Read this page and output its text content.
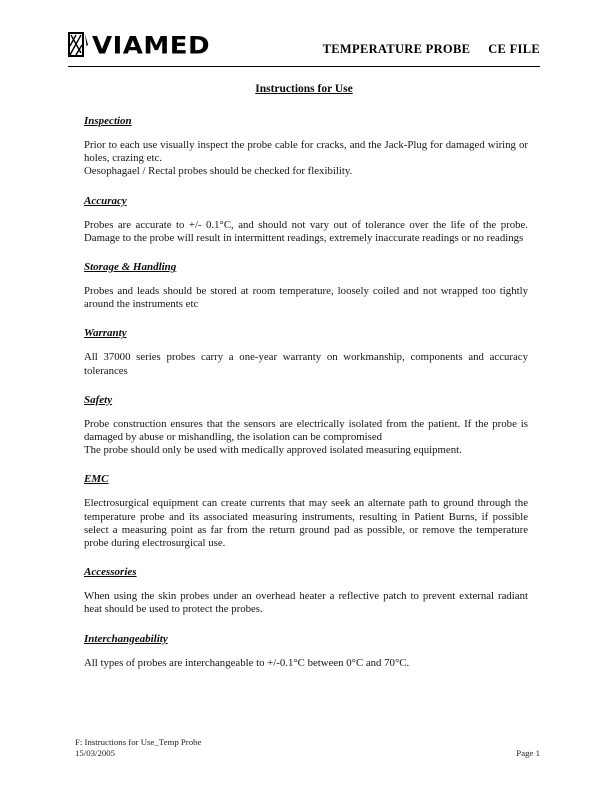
VIAMED	TEMPERATURE PROBE CE FILE
Instructions for Use
Inspection

Prior to each use visually inspect the probe cable for cracks, and the Jack-Plug for damaged wiring or holes, crazing etc.

Oesophagael / Rectal probes should be checked for flexibility.

Accuracy

Probes are accurate to +/- 0.1°C, and should not vary out of tolerance over the life of the probe. Damage to the probe will result in intermittent readings, extremely inaccurate readings or no readings

Storage & Handling

Probes and leads should be stored at room temperature, loosely coiled and not wrapped too tightly around the instruments etc

Warranty

All 37000 series probes carry a one-year warranty on workmanship, components and accuracy tolerances

Safety

Probe construction ensures that the sensors are electrically isolated from the patient. If the probe is damaged by abuse or mishandling, the isolation can be compromised

The probe should only be used with medically approved isolated measuring equipment.

EMC

Electrosurgical equipment can create currents that may seek an alternate path to ground through the temperature probe and its associated measuring instruments, resulting in Patient Burns, if possible select a measuring point as far from the return ground pad as possible, or remove the temperature probe during electrosurgical use.

Accessories

When using the skin probes under an overhead heater a reflective patch to prevent external radiant heat should be used to protect the probes.

Interchangeability

All types of probes are interchangeable to +/-0.1°C between 0°C and 70°C.

F: Instructions for Use_Temp Probe
15/03/2005	Page 1
